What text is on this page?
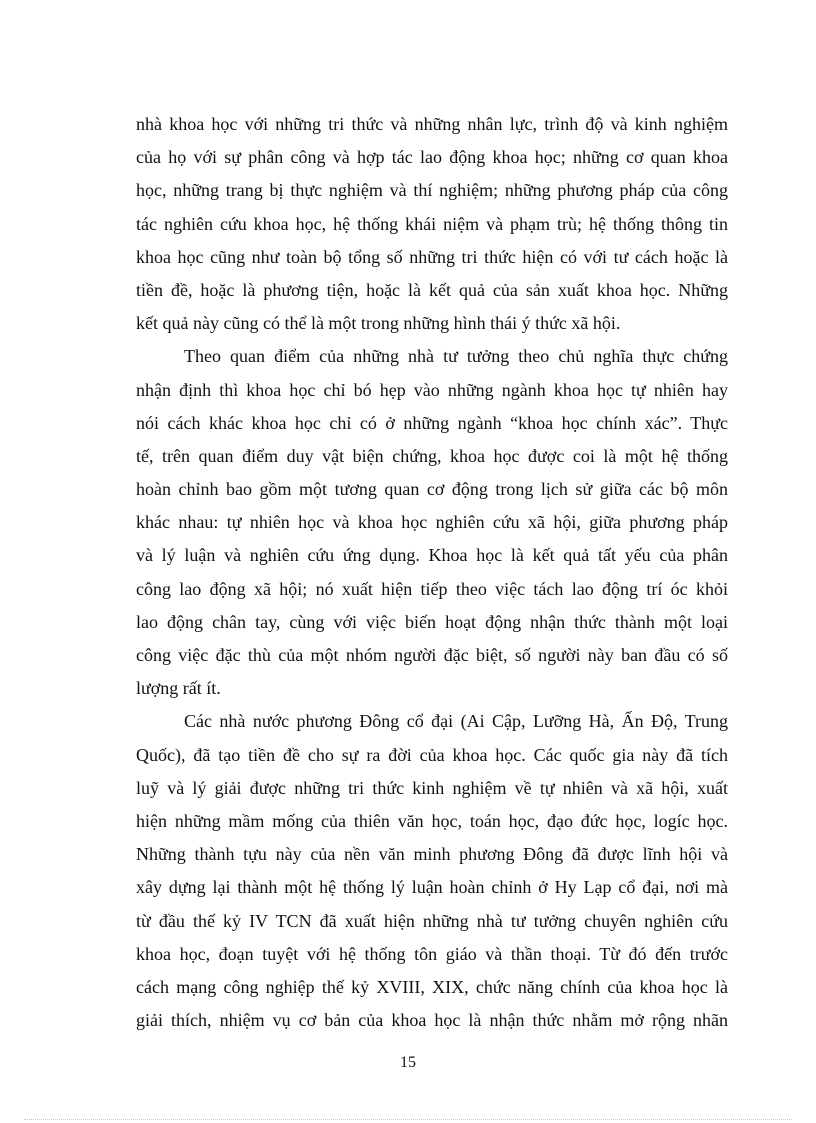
nhà khoa học với những tri thức và những nhân lực, trình độ và kinh nghiệm
của họ với sự phân công và hợp tác lao động khoa học; những cơ quan khoa
học, những trang bị thực nghiệm và thí nghiệm; những phương pháp của công
tác nghiên cứu khoa học, hệ thống khái niệm và phạm trù; hệ thống thông tin
khoa học cũng như toàn bộ tổng số những tri thức hiện có với tư cách hoặc là
tiền đề, hoặc là phương tiện, hoặc là kết quả của sản xuất khoa học. Những
kết quả này cũng có thể là một trong những hình thái ý thức xã hội.
Theo quan điểm của những nhà tư tưởng theo chủ nghĩa thực chứng
nhận định thì khoa học chỉ bó hẹp vào những ngành khoa học tự nhiên hay
nói cách khác khoa học chỉ có ở những ngành “khoa học chính xác”. Thực
tế, trên quan điểm duy vật biện chứng, khoa học được coi là một hệ thống
hoàn chỉnh bao gồm một tương quan cơ động trong lịch sử giữa các bộ môn
khác nhau: tự nhiên học và khoa học nghiên cứu xã hội, giữa phương pháp
và lý luận và nghiên cứu ứng dụng. Khoa học là kết quả tất yếu của phân
công lao động xã hội; nó xuất hiện tiếp theo việc tách lao động trí óc khỏi
lao động chân tay, cùng với việc biến hoạt động nhận thức thành một loại
công việc đặc thù của một nhóm người đặc biệt, số người này ban đầu có số
lượng rất ít.
Các nhà nước phương Đông cổ đại (Ai Cập, Lưỡng Hà, Ấn Độ, Trung
Quốc), đã tạo tiền đề cho sự ra đời của khoa học. Các quốc gia này đã tích
luỹ và lý giải được những tri thức kinh nghiệm về tự nhiên và xã hội, xuất
hiện những mầm mống của thiên văn học, toán học, đạo đức học, logíc học.
Những thành tựu này của nền văn minh phương Đông đã được lĩnh hội và
xây dựng lại thành một hệ thống lý luận hoàn chỉnh ở Hy Lạp cổ đại, nơi mà
từ đầu thế kỷ IV TCN đã xuất hiện những nhà tư tưởng chuyên nghiên cứu
khoa học, đoạn tuyệt với hệ thống tôn giáo và thần thoại. Từ đó đến trước
cách mạng công nghiệp thế kỷ XVIII, XIX, chức năng chính của khoa học là
giải thích, nhiệm vụ cơ bản của khoa học là nhận thức nhằm mở rộng nhãn
15
